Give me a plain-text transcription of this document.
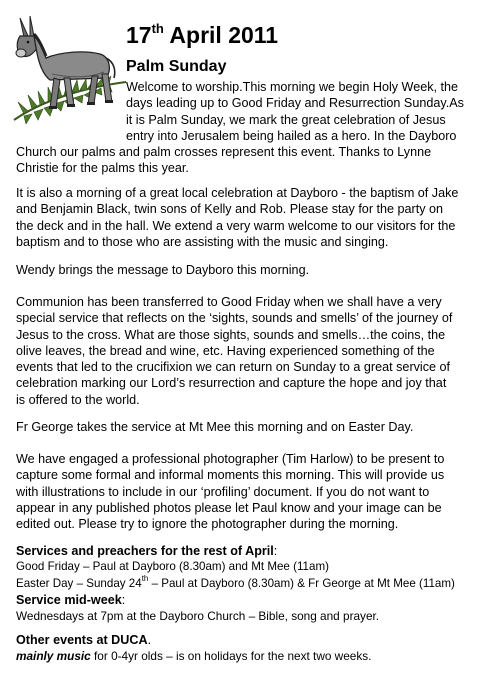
17th April 2011
Palm Sunday
Welcome to worship.This morning we begin Holy Week, the
days leading up to Good Friday and Resurrection Sunday.As
it is Palm Sunday, we mark the great celebration of Jesus
entry into Jerusalem being hailed as a hero. In the Dayboro
Church our palms and palm crosses represent this event. Thanks to Lynne
Christie for the palms this year.
It is also a morning of a great local celebration at Dayboro - the baptism of Jake
and Benjamin Black, twin sons of Kelly and Rob. Please stay for the party on
the deck and in the hall. We extend a very warm welcome to our visitors for the
baptism and to those who are assisting with the music and singing.
Wendy brings the message to Dayboro this morning.
Communion has been transferred to Good Friday when we shall have a very
special service that reflects on the ‘sights, sounds and smells’ of the journey of
Jesus to the cross. What are those sights, sounds and smells…the coins, the
olive leaves, the bread and wine, etc. Having experienced something of the
events that led to the crucifixion we can return on Sunday to a great service of
celebration marking our Lord’s resurrection and capture the hope and joy that
is offered to the world.
Fr George takes the service at Mt Mee this morning and on Easter Day.
We have engaged a professional photographer (Tim Harlow) to be present to
capture some formal and informal moments this morning. This will provide us
with illustrations to include in our ‘profiling’ document. If you do not want to
appear in any published photos please let Paul know and your image can be
edited out. Please try to ignore the photographer during the morning.
Services and preachers for the rest of April:
Good Friday – Paul at Dayboro (8.30am) and Mt Mee (11am)
Easter Day – Sunday 24th – Paul at Dayboro (8.30am) & Fr George at Mt Mee (11am)
Service mid-week:
Wednesdays at 7pm at the Dayboro Church – Bible, song and prayer.
Other events at DUCA.
mainly music for 0-4yr olds – is on holidays for the next two weeks.
